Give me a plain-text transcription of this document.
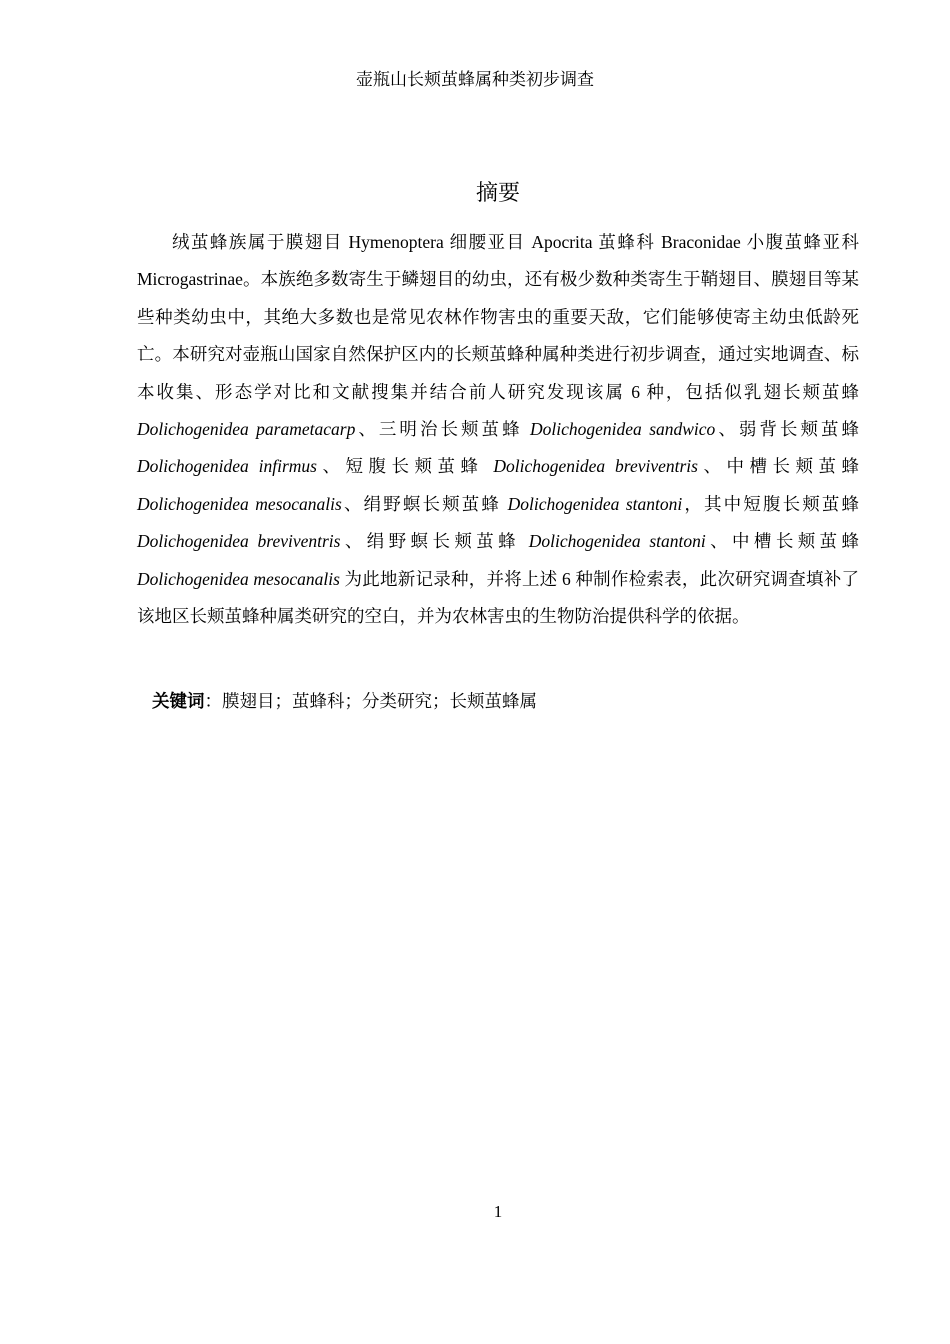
壶瓶山长颊茧蜂属种类初步调查
摘要

绒茧蜂族属于膜翅目 Hymenoptera 细腰亚目 Apocrita 茧蜂科 Braconidae 小腹茧蜂亚科 Microgastrinae。本族绝多数寄生于鳞翅目的幼虫，还有极少数种类寄生于鞘翅目、膜翅目等某些种类幼虫中，其绝大多数也是常见农林作物害虫的重要天敌，它们能够使寄主幼虫低龄死亡。本研究对壶瓶山国家自然保护区内的长颊茧蜂种属种类进行初步调查，通过实地调查、标本收集、形态学对比和文献搜集并结合前人研究发现该属 6 种，包括似乳翅长颊茧蜂 Dolichogenidea parametacarp、三明治长颊茧蜂 Dolichogenidea sandwico、弱背长颊茧蜂 Dolichogenidea infirmus、短腹长颊茧蜂 Dolichogenidea breviventris、中槽长颊茧蜂 Dolichogenidea mesocanalis、绢野螟长颊茧蜂 Dolichogenidea stantoni，其中短腹长颊茧蜂 Dolichogenidea breviventris、绢野螟长颊茧蜂 Dolichogenidea stantoni、中槽长颊茧蜂 Dolichogenidea mesocanalis 为此地新记录种，并将上述 6 种制作检索表，此次研究调查填补了该地区长颊茧蜂种属类研究的空白，并为农林害虫的生物防治提供科学的依据。

关键词：膜翅目；茧蜂科；分类研究；长颊茧蜂属
1
